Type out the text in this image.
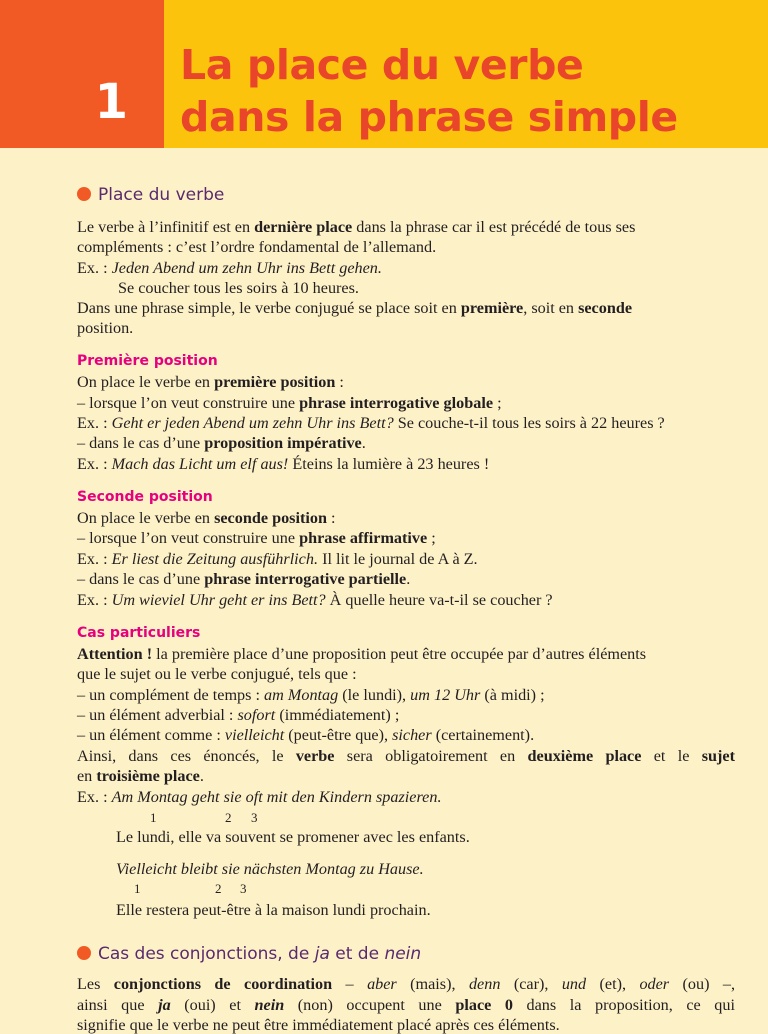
1
La place du verbe
dans la phrase simple
Place du verbe
Le verbe à l’infinitif est en dernière place dans la phrase car il est précédé de tous ses
compléments : c’est l’ordre fondamental de l’allemand.
Ex. : Jeden Abend um zehn Uhr ins Bett gehen.
Se coucher tous les soirs à 10 heures.
Dans une phrase simple, le verbe conjugué se place soit en première, soit en seconde
position.
Première position
On place le verbe en première position :
– lorsque l’on veut construire une phrase interrogative globale ;
Ex. : Geht er jeden Abend um zehn Uhr ins Bett? Se couche-t-il tous les soirs à 22 heures ?
– dans le cas d’une proposition impérative.
Ex. : Mach das Licht um elf aus! Éteins la lumière à 23 heures !
Seconde position
On place le verbe en seconde position :
– lorsque l’on veut construire une phrase affirmative ;
Ex. : Er liest die Zeitung ausführlich. Il lit le journal de A à Z.
– dans le cas d’une phrase interrogative partielle.
Ex. : Um wieviel Uhr geht er ins Bett? À quelle heure va-t-il se coucher ?
Cas particuliers
Attention ! la première place d’une proposition peut être occupée par d’autres éléments
que le sujet ou le verbe conjugué, tels que :
– un complément de temps : am Montag (le lundi), um 12 Uhr (à midi) ;
– un élément adverbial : sofort (immédiatement) ;
– un élément comme : vielleicht (peut-être que), sicher (certainement).
Ainsi, dans ces énoncés, le verbe sera obligatoirement en deuxième place et le sujet
en troisième place.
Ex. : Am Montag geht sie oft mit den Kindern spazieren.
1	2 3
Le lundi, elle va souvent se promener avec les enfants.
Vielleicht bleibt sie nächsten Montag zu Hause.
1	2 3
Elle restera peut-être à la maison lundi prochain.
Cas des conjonctions, de ja et de nein
Les conjonctions de coordination – aber (mais), denn (car), und (et), oder (ou) –,
ainsi que ja (oui) et nein (non) occupent une place 0 dans la proposition, ce qui
signifie que le verbe ne peut être immédiatement placé après ces éléments.
